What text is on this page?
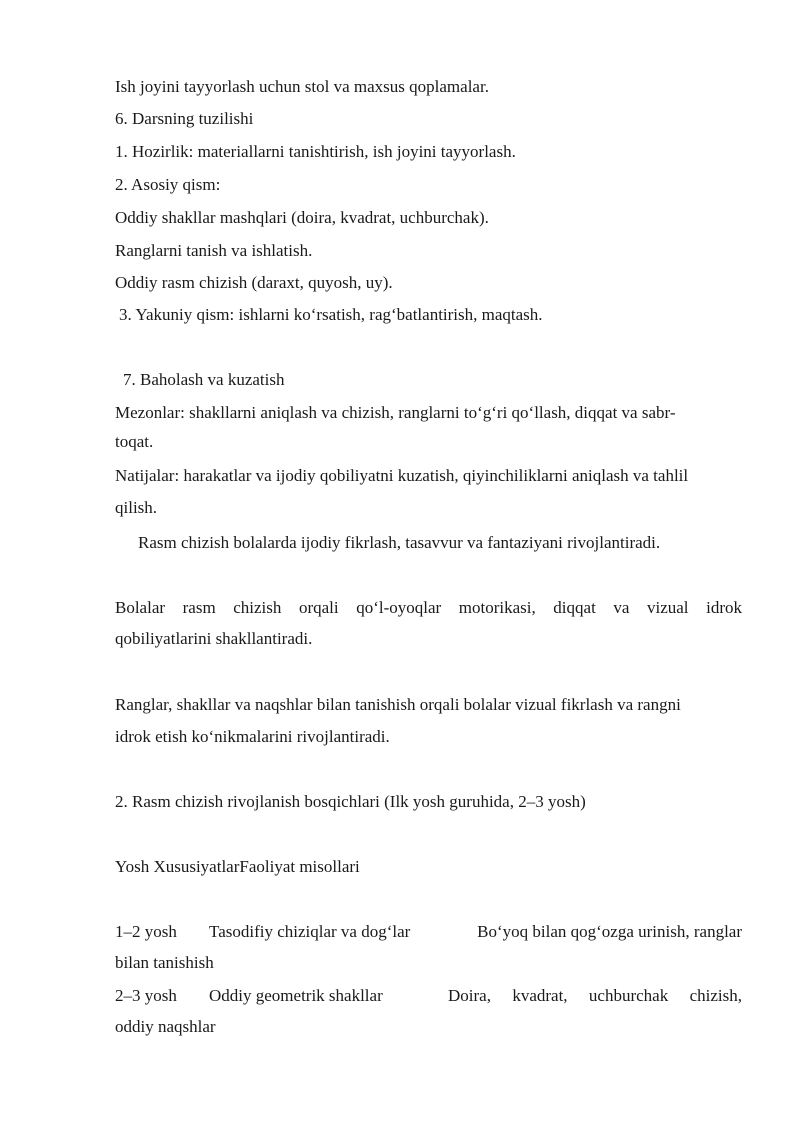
Ish joyini tayyorlash uchun stol va maxsus qoplamalar.
6. Darsning tuzilishi
1. Hozirlik: materiallarni tanishtirish, ish joyini tayyorlash.
2. Asosiy qism:
Oddiy shakllar mashqlari (doira, kvadrat, uchburchak).
Ranglarni tanish va ishlatish.
Oddiy rasm chizish (daraxt, quyosh, uy).
3. Yakuniy qism: ishlarni koʻrsatish, ragʻbatlantirish, maqtash.
7. Baholash va kuzatish
Mezonlar: shakllarni aniqlash va chizish, ranglarni toʻgʻri qoʻllash, diqqat va sabr-
toqat.
Natijalar: harakatlar va ijodiy qobiliyatni kuzatish, qiyinchiliklarni aniqlash va tahlil
qilish.
Rasm chizish bolalarda ijodiy fikrlash, tasavvur va fantaziyani rivojlantiradi.
Bolalar rasm chizish orqali qoʻl-oyoqlar motorikasi, diqqat va vizual idrok
qobiliyatlarini shakllantiradi.
Ranglar, shakllar va naqshlar bilan tanishish orqali bolalar vizual fikrlash va rangni
idrok etish koʻnikmalarini rivojlantiradi.
2. Rasm chizish rivojlanish bosqichlari (Ilk yosh guruhida, 2–3 yosh)
Yosh XususiyatlarFaoliyat misollari
1–2 yosh Tasodifiy chiziqlar va dogʻlar	Boʻyoq bilan qogʻozga urinish, ranglar
bilan tanishish
2–3 yosh Oddiy geometrik shakllar	Doira, kvadrat, uchburchak chizish,
oddiy naqshlar
